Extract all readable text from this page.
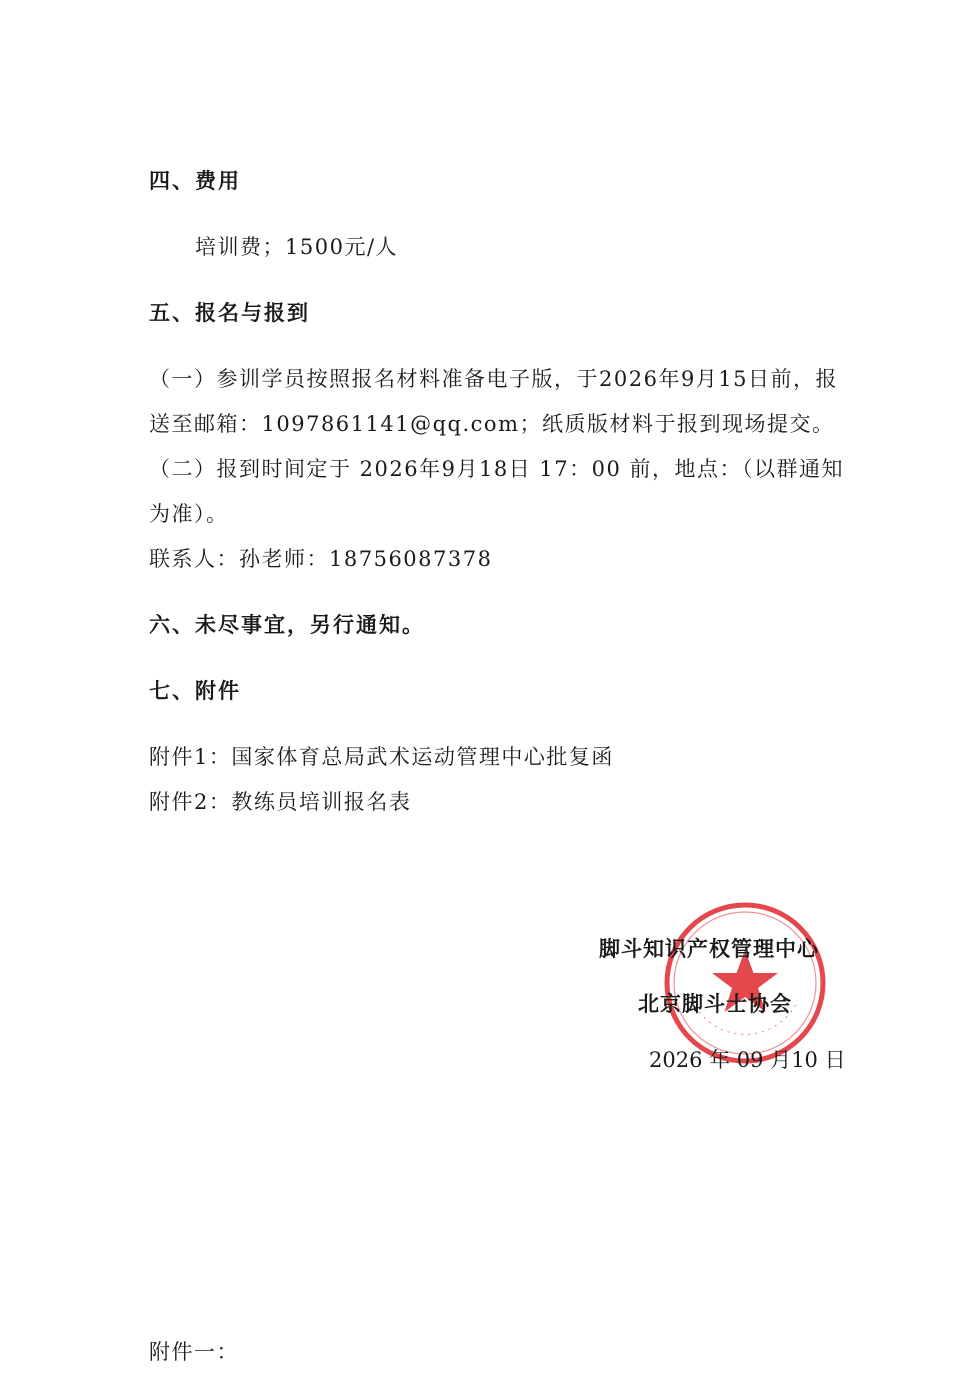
四、费用
培训费；1500元/人
五、报名与报到
（一）参训学员按照报名材料准备电子版，于2026年9月15日前，报
送至邮箱：1097861141@qq.com；纸质版材料于报到现场提交。
（二）报到时间定于 2026年9月18日 17：00 前，地点：（以群通知
为准）。
联系人：孙老师：18756087378
六、未尽事宜，另行通知。
七、附件
附件1：国家体育总局武术运动管理中心批复函
附件2：教练员培训报名表
脚斗知识产权管理中心
北京脚斗士协会
2026 年 09 月10 日
附件一：
